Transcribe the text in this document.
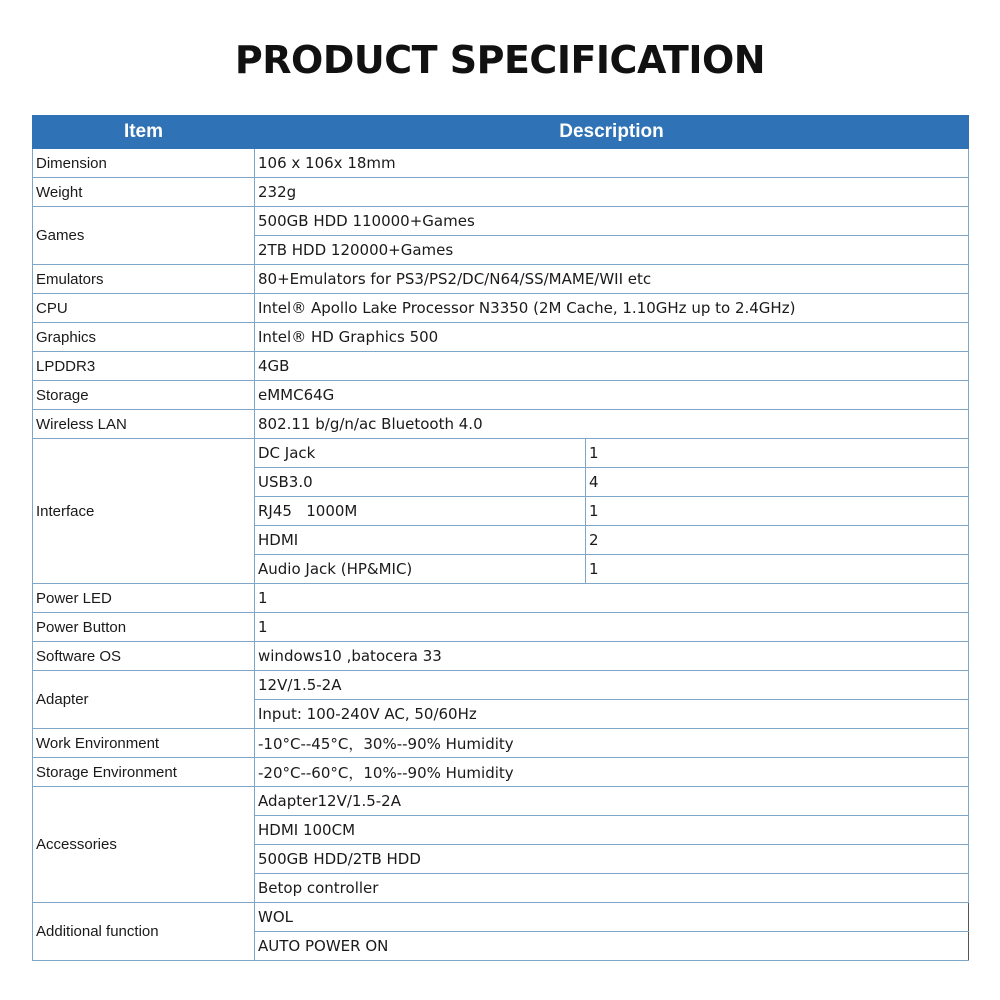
PRODUCT SPECIFICATION
Item	Description	
Dimension	106 x 106x 18mm	
Weight	232g	
Games	500GB HDD 110000+Games	
	2TB HDD 120000+Games	
Emulators	80+Emulators for PS3/PS2/DC/N64/SS/MAME/WII etc	
CPU	Intel® Apollo Lake Processor N3350 (2M Cache, 1.10GHz up to 2.4GHz)	
Graphics	Intel® HD Graphics 500	
LPDDR3	4GB	
Storage	eMMC64G	
Wireless LAN	802.11 b/g/n/ac Bluetooth 4.0	
Interface	DC Jack	1
	USB3.0	4
	RJ45   1000M	1
	HDMI	2
	Audio Jack (HP&MIC)	1
Power LED	1	
Power Button	1	
Software OS	windows10 ,batocera 33	
Adapter	12V/1.5-2A	
	Input: 100-240V AC, 50/60Hz	
Work Environment	-10°C--45°C，30%--90% Humidity	
Storage Environment	-20°C--60°C，10%--90% Humidity	
Accessories	Adapter12V/1.5-2A	
	HDMI 100CM	
	500GB HDD/2TB HDD	
	Betop controller	
Additional function	WOL	
	AUTO POWER ON	
